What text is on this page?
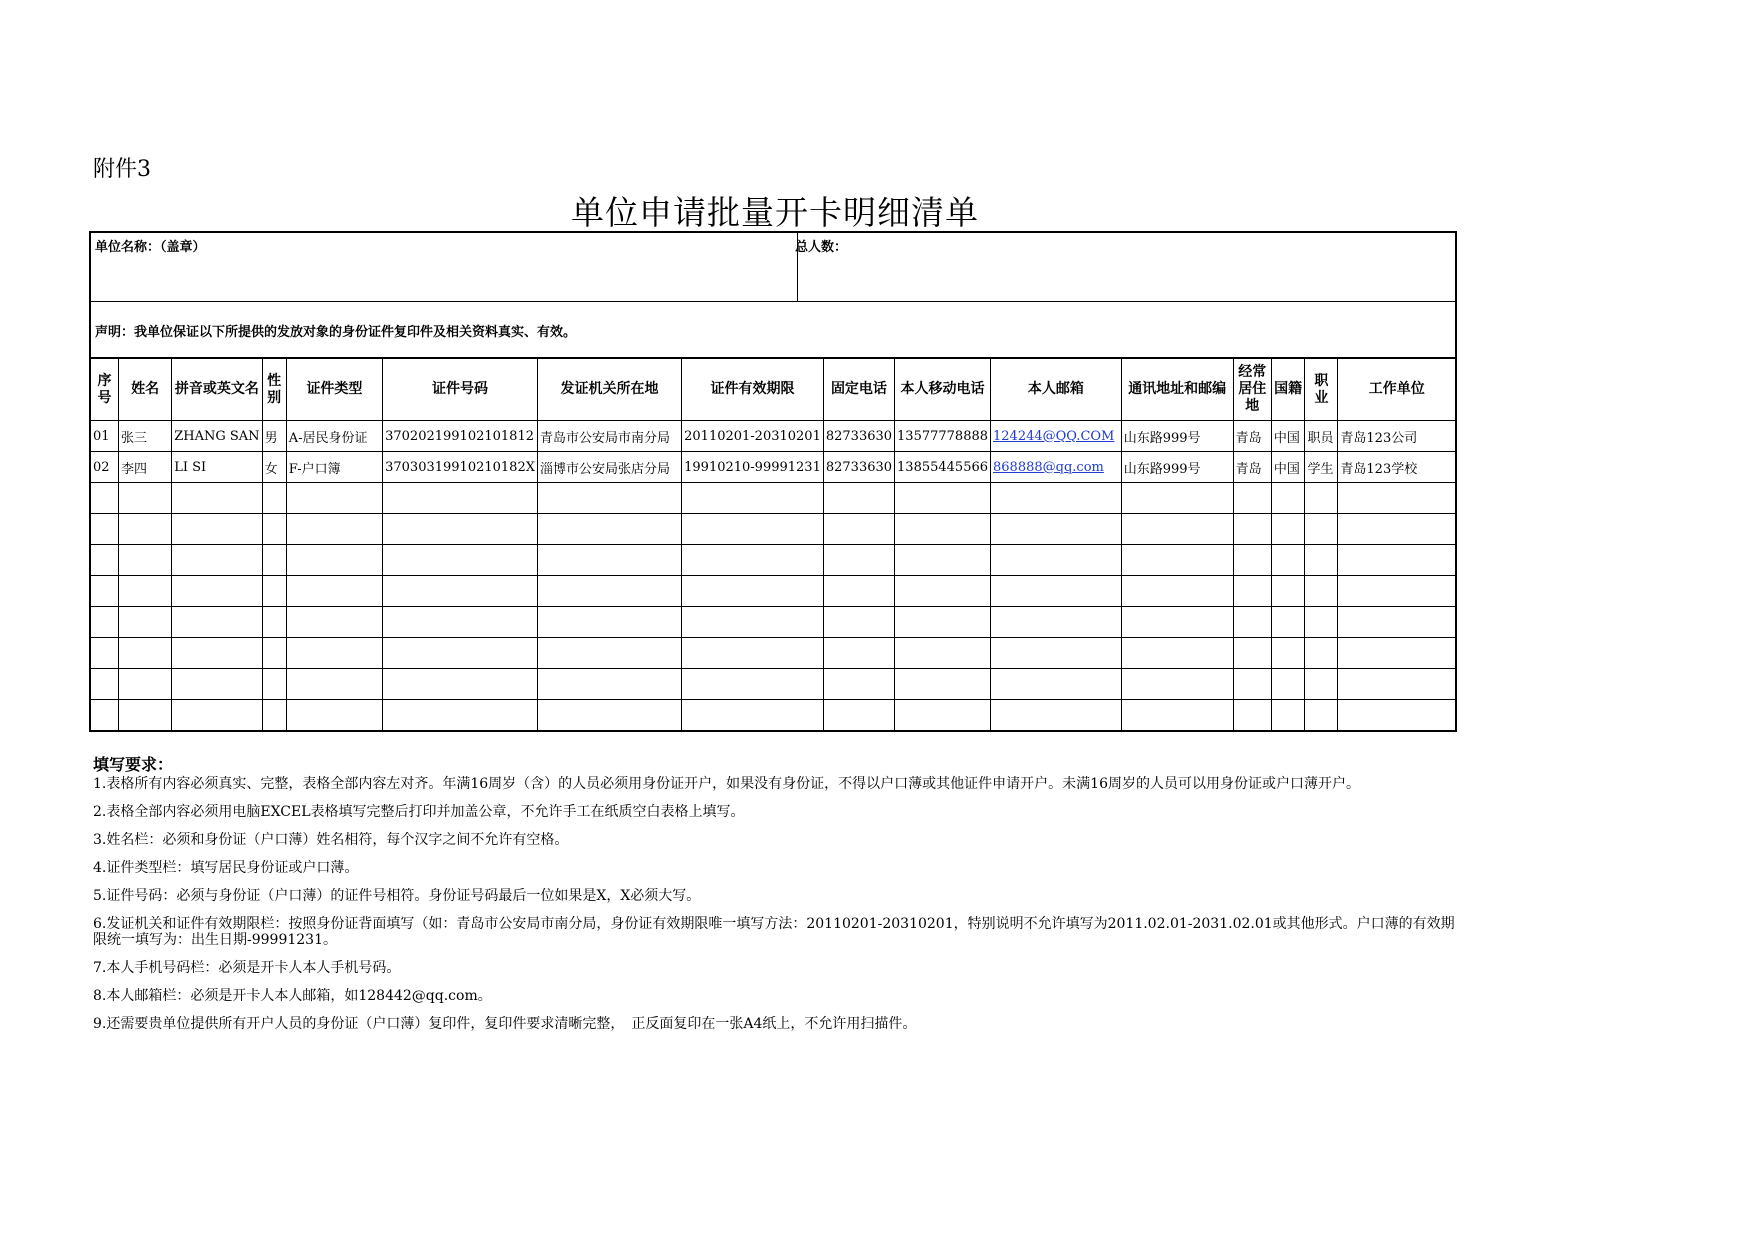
附件3
单位申请批量开卡明细清单
单位名称：（盖章）	总人数：
声明：我单位保证以下所提供的发放对象的身份证件复印件及相关资料真实、有效。
序号	姓名	拼音或英文名	性别	证件类型	证件号码	发证机关所在地	证件有效期限	固定电话	本人移动电话	本人邮箱	通讯地址和邮编	经常居住地	国籍	职业	工作单位
01	张三	ZHANG SAN	男	A-居民身份证	370202199102101812	青岛市公安局市南分局	20110201-20310201	82733630	13577778888	124244@QQ.COM	山东路999号	青岛	中国	职员	青岛123公司
02	李四	LI SI	女	F-户口簿	37030319910210182X	淄博市公安局张店分局	19910210-99991231	82733630	13855445566	868888@qq.com	山东路999号	青岛	中国	学生	青岛123学校

填写要求：
1.表格所有内容必须真实、完整，表格全部内容左对齐。年满16周岁（含）的人员必须用身份证开户，如果没有身份证，不得以户口薄或其他证件申请开户。未满16周岁的人员可以用身份证或户口薄开户。
2.表格全部内容必须用电脑EXCEL表格填写完整后打印并加盖公章，不允许手工在纸质空白表格上填写。
3.姓名栏：必须和身份证（户口薄）姓名相符，每个汉字之间不允许有空格。
4.证件类型栏：填写居民身份证或户口薄。
5.证件号码：必须与身份证（户口薄）的证件号相符。身份证号码最后一位如果是X，X必须大写。
6.发证机关和证件有效期限栏：按照身份证背面填写（如：青岛市公安局市南分局，身份证有效期限唯一填写方法：20110201-20310201，特别说明不允许填写为2011.02.01-2031.02.01或其他形式。户口薄的有效期限统一填写为：出生日期-99991231。
7.本人手机号码栏：必须是开卡人本人手机号码。
8.本人邮箱栏：必须是开卡人本人邮箱，如128442@qq.com。
9.还需要贵单位提供所有开户人员的身份证（户口薄）复印件，复印件要求清晰完整，　正反面复印在一张A4纸上，不允许用扫描件。
